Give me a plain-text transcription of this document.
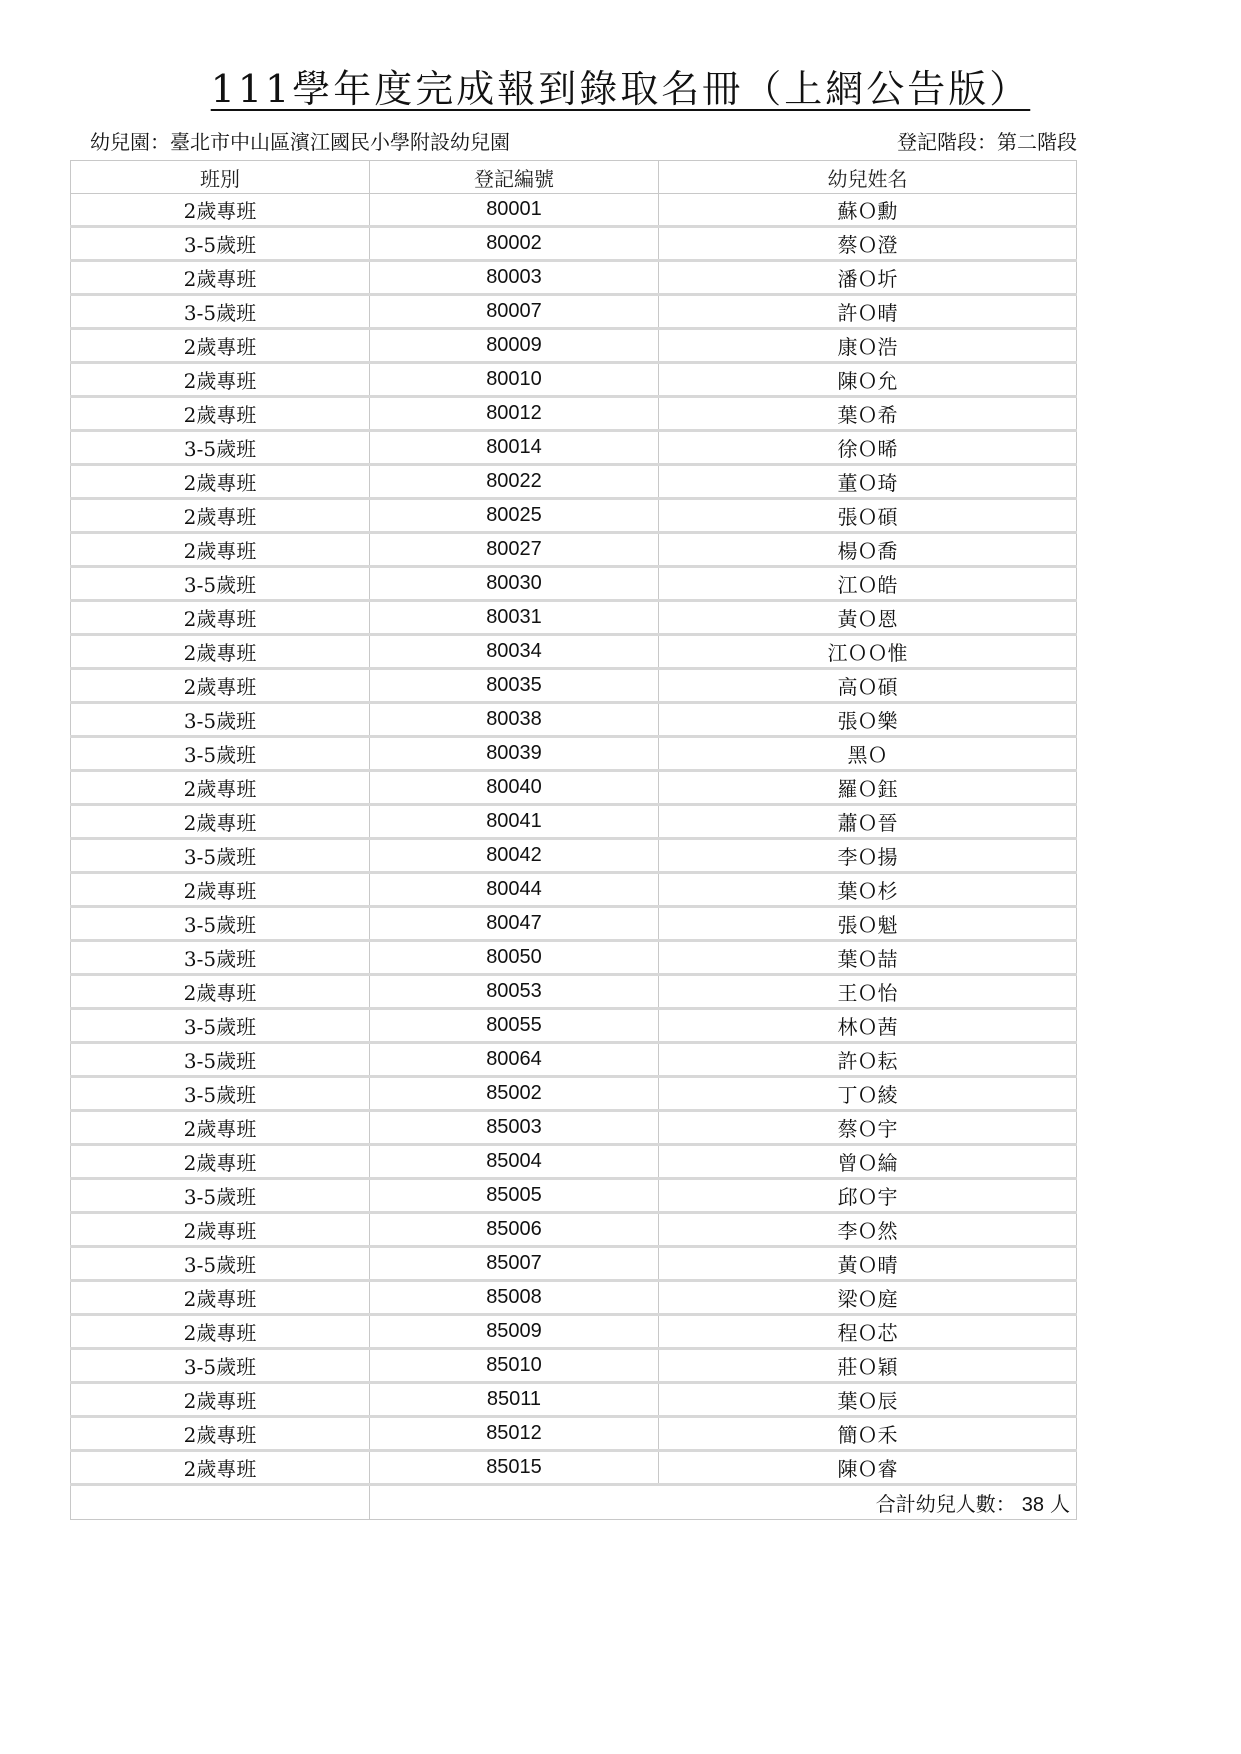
111學年度完成報到錄取名冊（上網公告版）
幼兒園：臺北市中山區濱江國民小學附設幼兒園	登記階段：第二階段
班別	登記編號	幼兒姓名
2歲專班	80001	蘇Ｏ勳
3-5歲班	80002	蔡Ｏ澄
2歲專班	80003	潘Ｏ圻
3-5歲班	80007	許Ｏ晴
2歲專班	80009	康Ｏ浩
2歲專班	80010	陳Ｏ允
2歲專班	80012	葉Ｏ希
3-5歲班	80014	徐Ｏ晞
2歲專班	80022	董Ｏ琦
2歲專班	80025	張Ｏ碩
2歲專班	80027	楊Ｏ喬
3-5歲班	80030	江Ｏ皓
2歲專班	80031	黃Ｏ恩
2歲專班	80034	江ＯＯ惟
2歲專班	80035	高Ｏ碩
3-5歲班	80038	張Ｏ樂
3-5歲班	80039	黑Ｏ
2歲專班	80040	羅Ｏ鈺
2歲專班	80041	蕭Ｏ晉
3-5歲班	80042	李Ｏ揚
2歲專班	80044	葉Ｏ杉
3-5歲班	80047	張Ｏ魁
3-5歲班	80050	葉Ｏ喆
2歲專班	80053	王Ｏ怡
3-5歲班	80055	林Ｏ茜
3-5歲班	80064	許Ｏ耘
3-5歲班	85002	丁Ｏ綾
2歲專班	85003	蔡Ｏ宇
2歲專班	85004	曾Ｏ綸
3-5歲班	85005	邱Ｏ宇
2歲專班	85006	李Ｏ然
3-5歲班	85007	黃Ｏ晴
2歲專班	85008	梁Ｏ庭
2歲專班	85009	程Ｏ芯
3-5歲班	85010	莊Ｏ穎
2歲專班	85011	葉Ｏ辰
2歲專班	85012	簡Ｏ禾
2歲專班	85015	陳Ｏ睿
	合計幼兒人數： 38 人	
